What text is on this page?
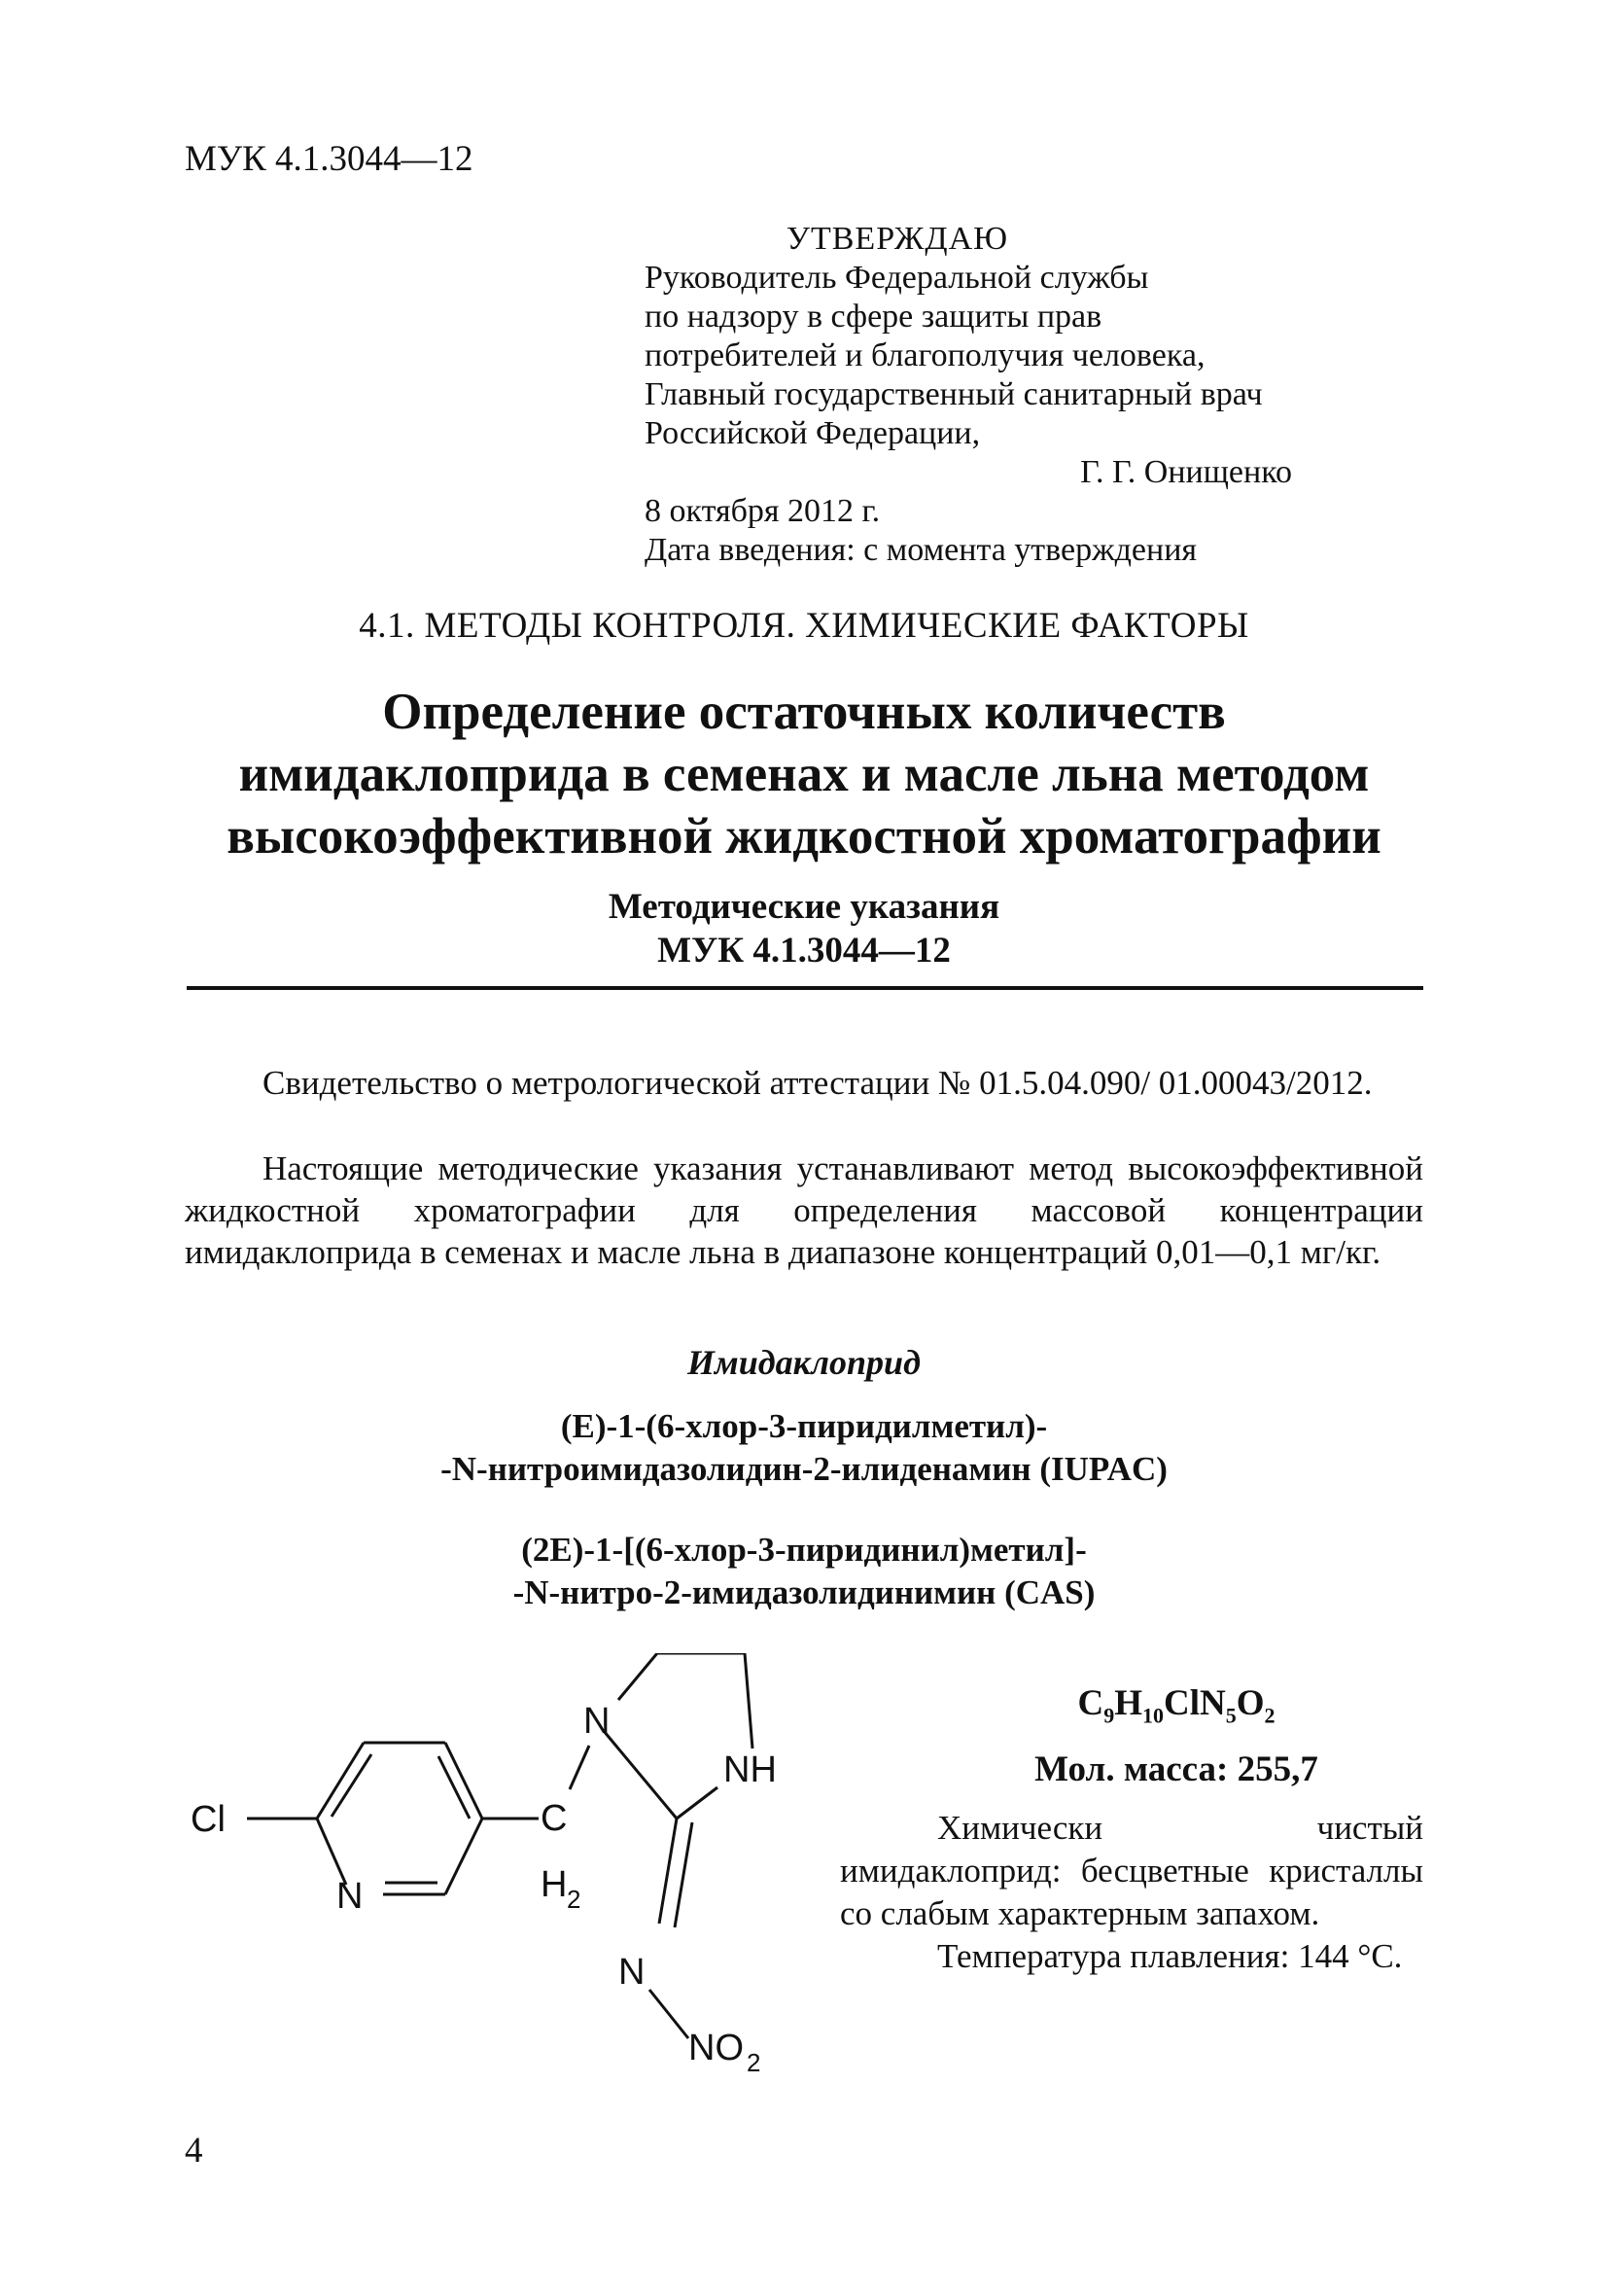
МУК 4.1.3044—12
УТВЕРЖДАЮ
Руководитель Федеральной службы
по надзору в сфере защиты прав
потребителей и благополучия человека,
Главный государственный санитарный врач
Российской Федерации,
Г. Г. Онищенко
8 октября 2012 г.
Дата введения: с момента утверждения
4.1. МЕТОДЫ КОНТРОЛЯ. ХИМИЧЕСКИЕ ФАКТОРЫ
Определение остаточных количеств
имидаклоприда в семенах и масле льна методом
высокоэффективной жидкостной хроматографии
Методические указания
МУК 4.1.3044—12
Свидетельство о метрологической аттестации № 01.5.04.090/ 01.00043/2012.
Настоящие методические указания устанавливают метод высокоэффективной жидкостной хроматографии для определения массовой концентрации имидаклоприда в семенах и масле льна в диапазоне концентраций 0,01—0,1 мг/кг.
Имидаклоприд
(E)-1-(6-хлор-3-пиридилметил)-
-N-нитроимидазолидин-2-илиденамин (IUPAC)
(2E)-1-[(6-хлор-3-пиридинил)метил]-
-N-нитро-2-имидазолидинимин (CAS)
Cl
N
N
NH
C
H 2
N
NO 2
$C_9H_{10}ClN_5O_2$
Мол. масса: 255,7
Химически чистый имидаклоприд: бесцветные кристаллы со слабым характерным запахом.
Температура плавления: 144 °С.
4
